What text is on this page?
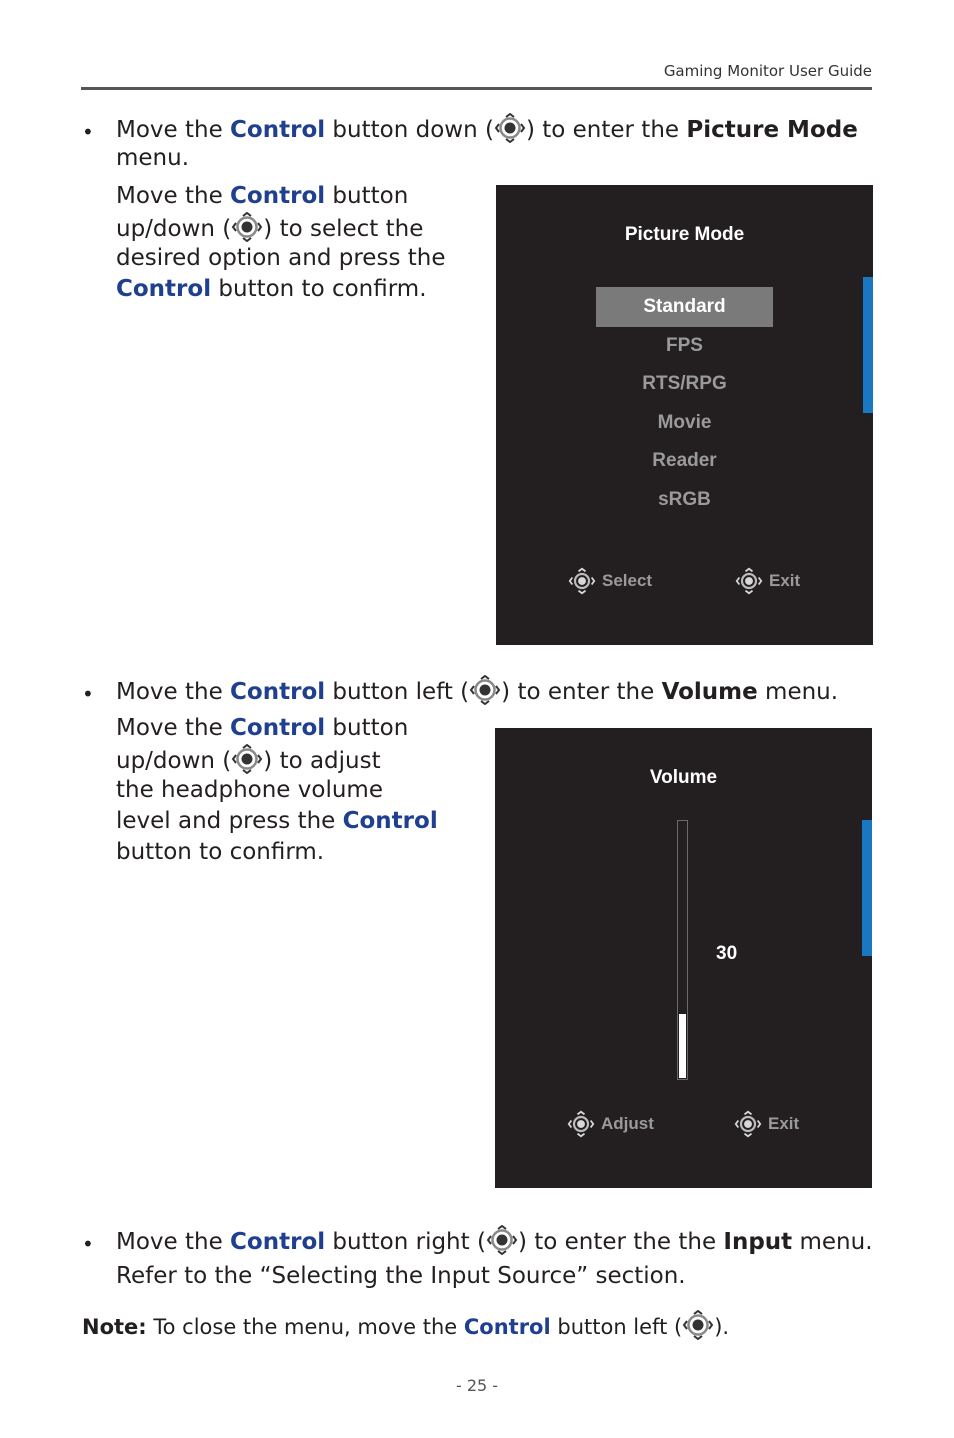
Gaming Monitor User Guide
• Move the Control button down ( ) to enter the Picture Mode
menu.
Move the Control button
up/down ( ) to select the
desired option and press the
Control button to confirm.
Picture Mode
Standard
FPS
RTS/RPG
Movie
Reader
sRGB
Select	Exit
• Move the Control button left ( ) to enter the Volume menu.
Move the Control button
up/down ( ) to adjust
the headphone volume
level and press the Control
button to confirm.
Volume
30
Adjust	Exit
• Move the Control button right ( ) to enter the the Input menu.
Refer to the “Selecting the Input Source” section.
Note: To close the menu, move the Control button left ( ).
- 25 -
